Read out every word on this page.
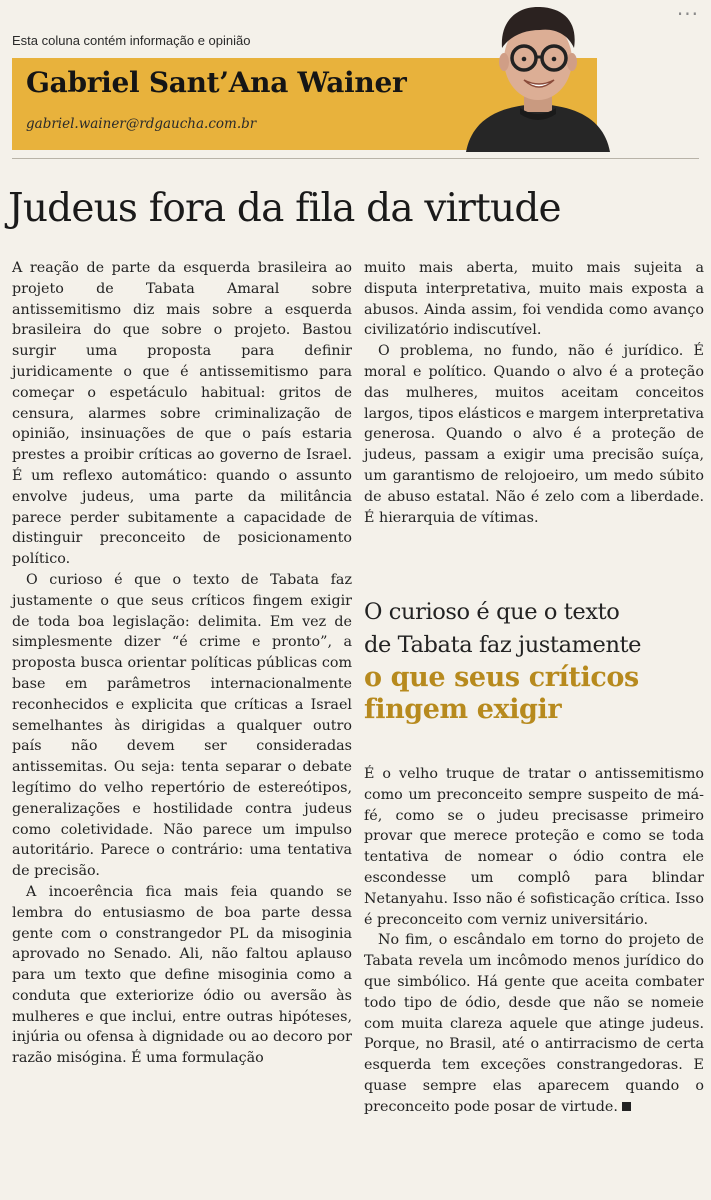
···
Esta coluna contém informação e opinião
Gabriel Sant’Ana Wainer
gabriel.wainer@rdgaucha.com.br
Judeus fora da fila da virtude

A reação de parte da esquerda brasileira ao projeto de Tabata Amaral sobre antissemitismo diz mais sobre a esquerda brasileira do que sobre o projeto. Bastou surgir uma proposta para definir juridicamente o que é antissemitismo para começar o espetáculo habitual: gritos de censura, alarmes sobre criminalização de opinião, insinuações de que o país estaria prestes a proibir críticas ao governo de Israel. É um reflexo automático: quando o assunto envolve judeus, uma parte da militância parece perder subitamente a capacidade de distinguir preconceito de posicionamento político.

O curioso é que o texto de Tabata faz justamente o que seus críticos fingem exigir de toda boa legislação: delimita. Em vez de simplesmente dizer “é crime e pronto”, a proposta busca orientar políticas públicas com base em parâmetros internacionalmente reconhecidos e explicita que críticas a Israel semelhantes às dirigidas a qualquer outro país não devem ser consideradas antissemitas. Ou seja: tenta separar o debate legítimo do velho repertório de estereótipos, generalizações e hostilidade contra judeus como coletividade. Não parece um impulso autoritário. Parece o contrário: uma tentativa de precisão.

A incoerência fica mais feia quando se lembra do entusiasmo de boa parte dessa gente com o constrangedor PL da misoginia aprovado no Senado. Ali, não faltou aplauso para um texto que define misoginia como a conduta que exteriorize ódio ou aversão às mulheres e que inclui, entre outras hipóteses, injúria ou ofensa à dignidade ou ao decoro por razão misógina. É uma formulação

muito mais aberta, muito mais sujeita a disputa interpretativa, muito mais exposta a abusos. Ainda assim, foi vendida como avanço civilizatório indiscutível.

O problema, no fundo, não é jurídico. É moral e político. Quando o alvo é a proteção das mulheres, muitos aceitam conceitos largos, tipos elásticos e margem interpretativa generosa. Quando o alvo é a proteção de judeus, passam a exigir uma precisão suíça, um garantismo de relojoeiro, um medo súbito de abuso estatal. Não é zelo com a liberdade. É hierarquia de vítimas.

O curioso é que o texto
de Tabata faz justamente
o que seus críticos
fingem exigir

É o velho truque de tratar o antissemitismo como um preconceito sempre suspeito de má-fé, como se o judeu precisasse primeiro provar que merece proteção e como se toda tentativa de nomear o ódio contra ele escondesse um complô para blindar Netanyahu. Isso não é sofisticação crítica. Isso é preconceito com verniz universitário.

No fim, o escândalo em torno do projeto de Tabata revela um incômodo menos jurídico do que simbólico. Há gente que aceita combater todo tipo de ódio, desde que não se nomeie com muita clareza aquele que atinge judeus. Porque, no Brasil, até o antirracismo de certa esquerda tem exceções constrangedoras. E quase sempre elas aparecem quando o preconceito pode posar de virtude.
